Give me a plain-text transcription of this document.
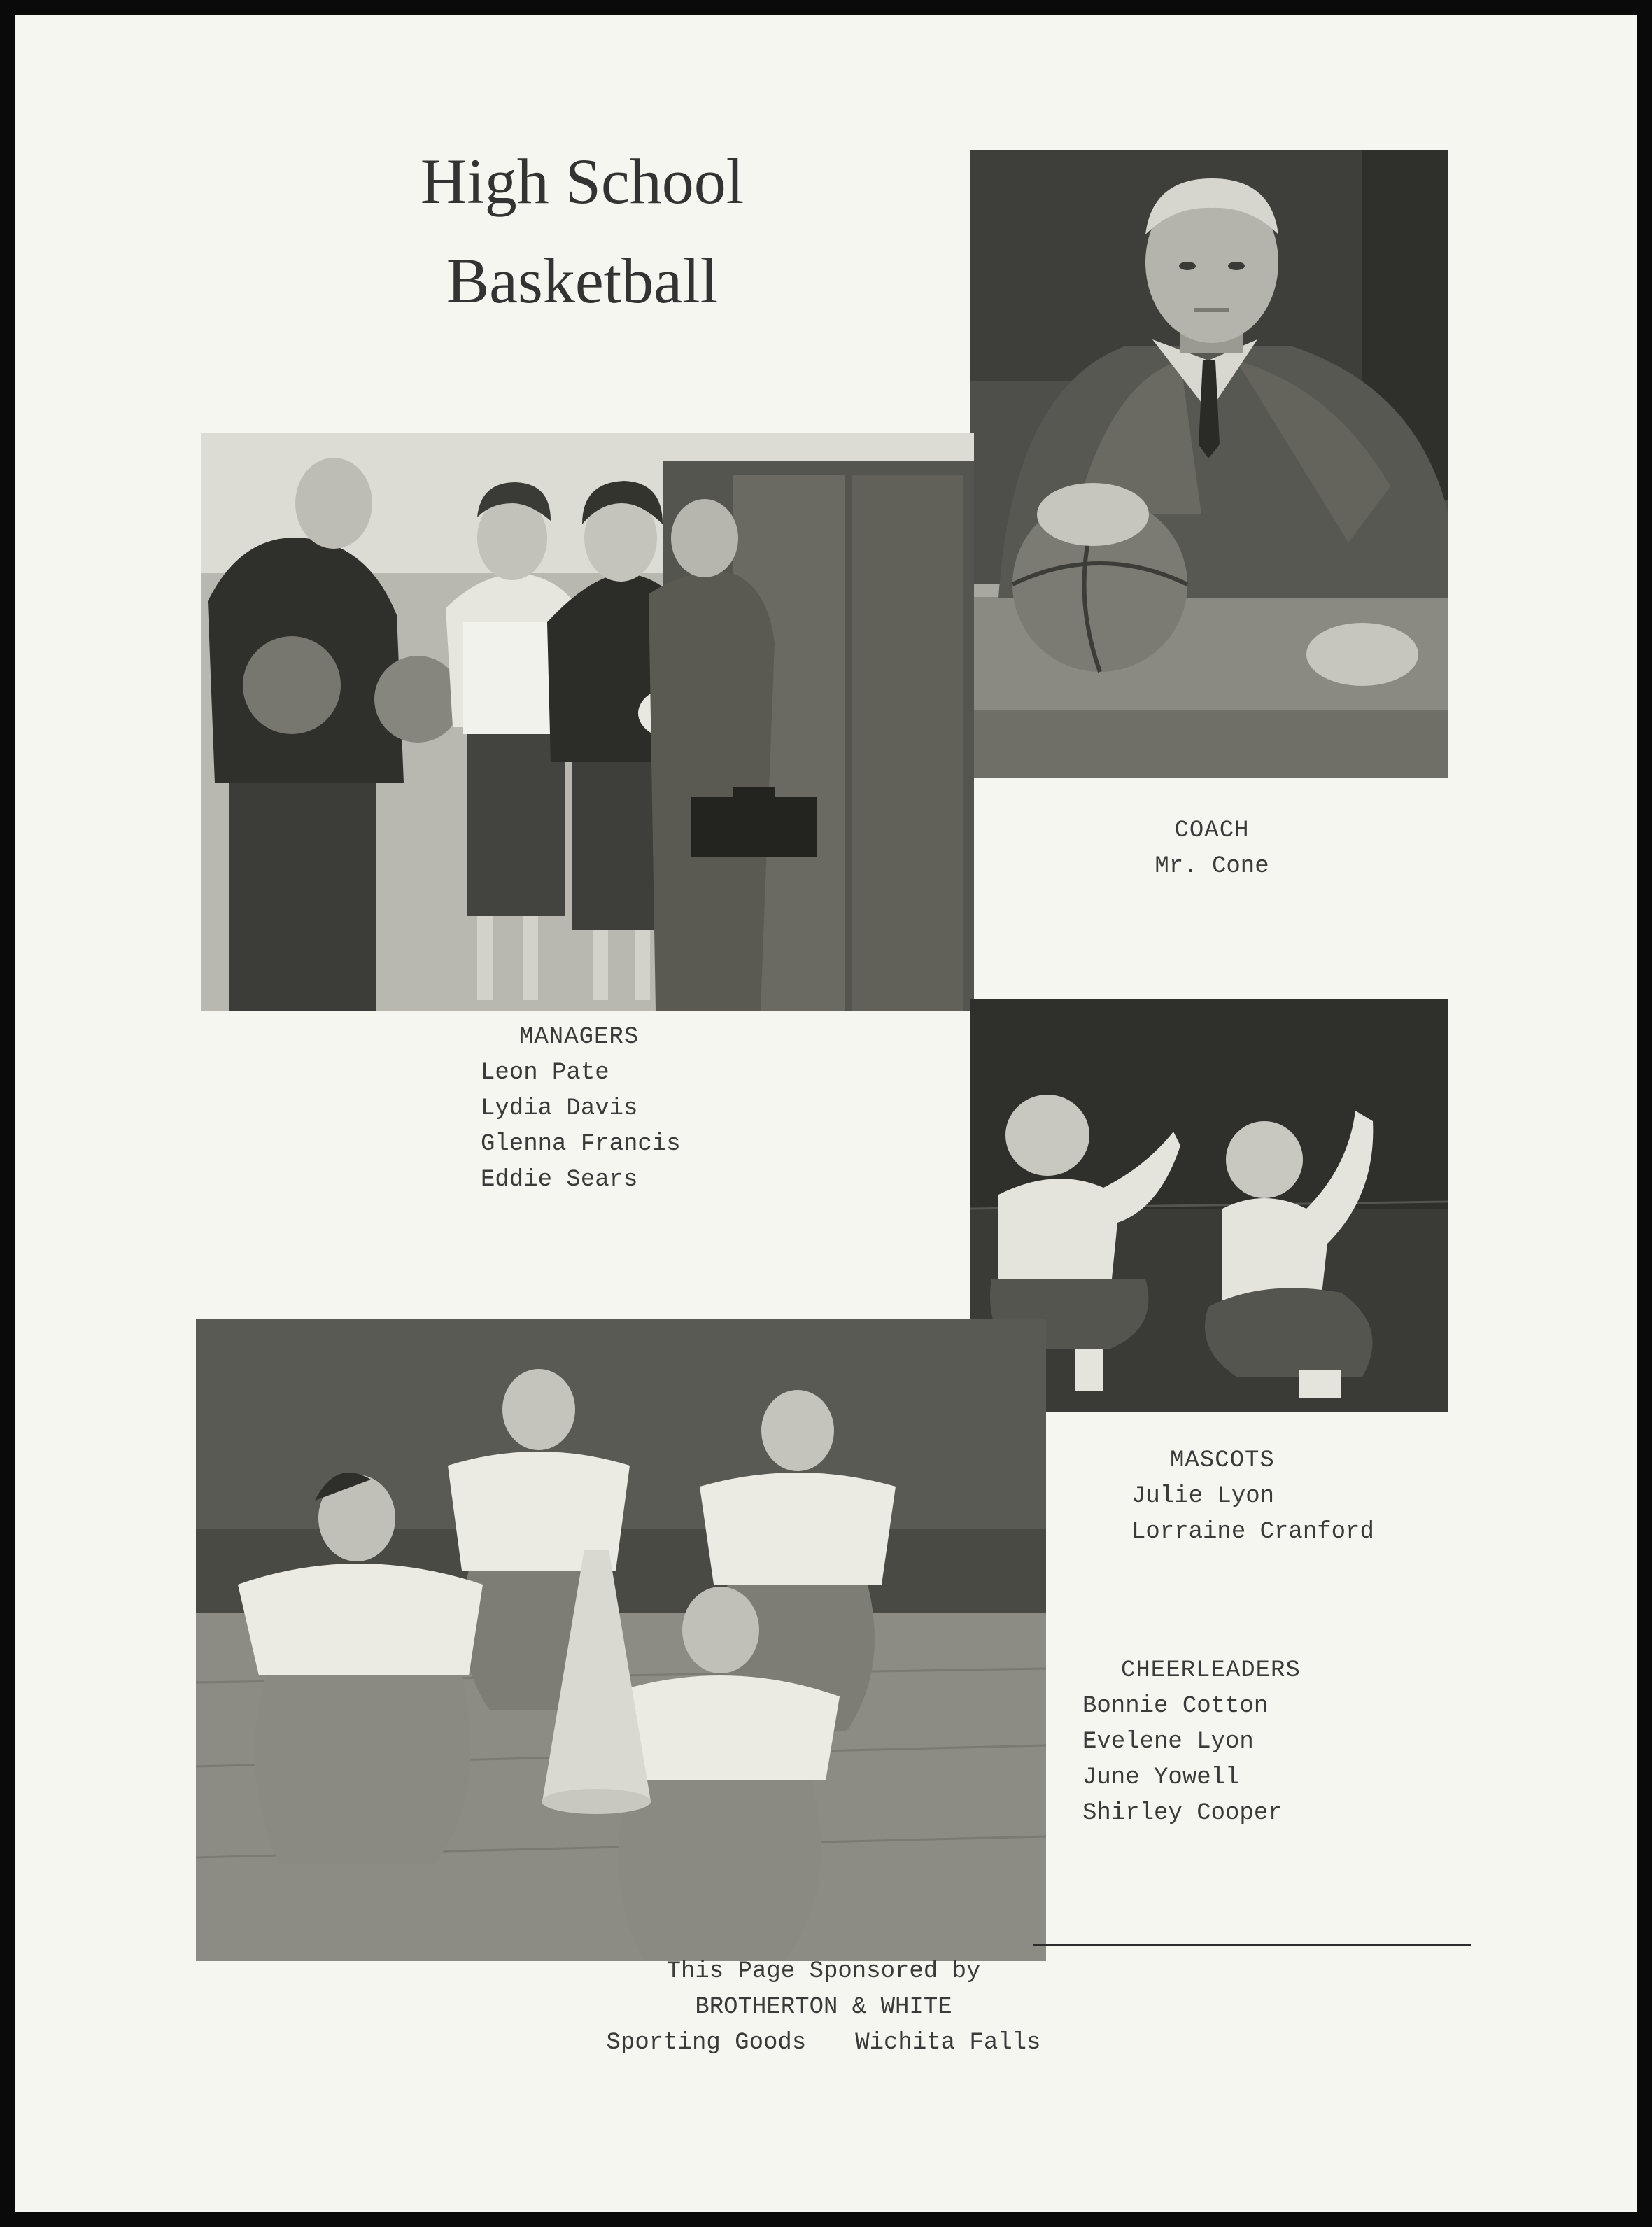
High School
Basketball
COACH
Mr. Cone
MANAGERS
Leon Pate
Lydia Davis
Glenna Francis
Eddie Sears
MASCOTS
Julie Lyon
Lorraine Cranford
CHEERLEADERS
Bonnie Cotton
Evelene Lyon
June Yowell
Shirley Cooper
This Page Sponsored by
BROTHERTON & WHITE
Sporting Goods Wichita Falls
